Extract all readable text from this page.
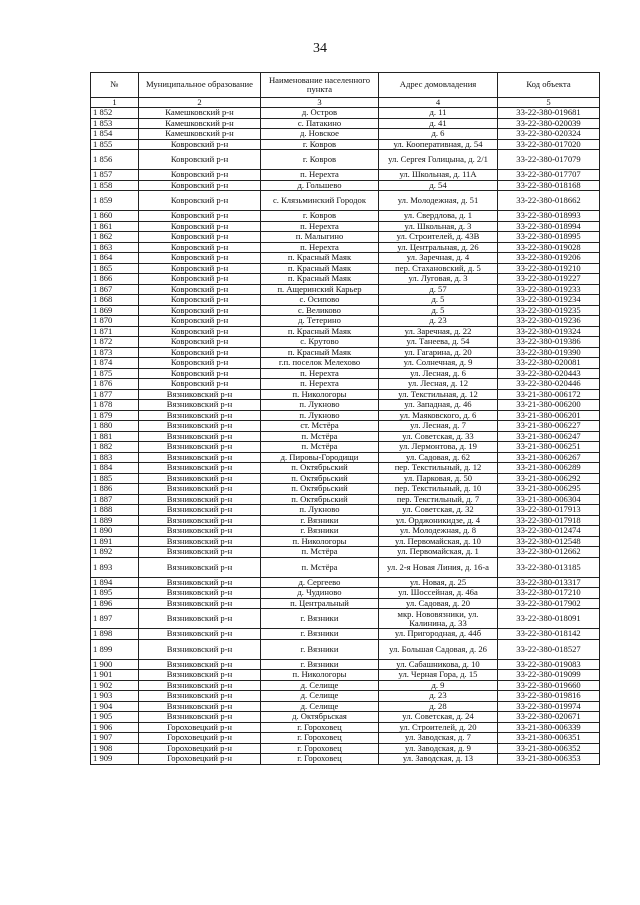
34
№	Муниципальное образование	Наименование населенного пункта	Адрес домовладения	Код объекта
1	2	3	4	5
1 852	Камешковский р-н	д. Остров	д. 11	33-22-380-019681
1 853	Камешковский р-н	с. Патакино	д. 41	33-22-380-020039
1 854	Камешковский р-н	д. Новское	д. 6	33-22-380-020324
1 855	Ковровский р-н	г. Ковров	ул. Кооперативная, д. 54	33-22-380-017020
1 856	Ковровский р-н	г. Ковров	ул. Сергея Голицына, д. 2/1	33-22-380-017079
1 857	Ковровский р-н	п. Нерехта	ул. Школьная, д. 11А	33-22-380-017707
1 858	Ковровский р-н	д. Гольшево	д. 54	33-22-380-018168
1 859	Ковровский р-н	с. Клязьминский Городок	ул. Молодежная, д. 51	33-22-380-018662
1 860	Ковровский р-н	г. Ковров	ул. Свердлова, д. 1	33-22-380-018993
1 861	Ковровский р-н	п. Нерехта	ул. Школьная, д. 3	33-22-380-018994
1 862	Ковровский р-н	п. Малыгино	ул. Строителей, д. 43В	33-22-380-018995
1 863	Ковровский р-н	п. Нерехта	ул. Центральная, д. 26	33-22-380-019028
1 864	Ковровский р-н	п. Красный Маяк	ул. Заречная, д. 4	33-22-380-019206
1 865	Ковровский р-н	п. Красный Маяк	пер. Стахановский, д. 5	33-22-380-019210
1 866	Ковровский р-н	п. Красный Маяк	ул. Луговая, д. 3	33-22-380-019227
1 867	Ковровский р-н	п. Ащеринский Карьер	д. 57	33-22-380-019233
1 868	Ковровский р-н	с. Осипово	д. 5	33-22-380-019234
1 869	Ковровский р-н	с. Великово	д. 5	33-22-380-019235
1 870	Ковровский р-н	д. Тетерино	д. 23	33-22-380-019236
1 871	Ковровский р-н	п. Красный Маяк	ул. Заречная, д. 22	33-22-380-019324
1 872	Ковровский р-н	с. Крутово	ул. Танеева, д. 54	33-22-380-019386
1 873	Ковровский р-н	п. Красный Маяк	ул. Гагарина, д. 20	33-22-380-019390
1 874	Ковровский р-н	г.п. поселок Мелехово	ул. Солнечная, д. 9	33-22-380-020081
1 875	Ковровский р-н	п. Нерехта	ул. Лесная, д. 6	33-22-380-020443
1 876	Ковровский р-н	п. Нерехта	ул. Лесная, д. 12	33-22-380-020446
1 877	Вязниковский р-н	п. Никологоры	ул. Текстильная, д. 12	33-21-380-006172
1 878	Вязниковский р-н	п. Лукново	ул. Западная, д. 46	33-21-380-006200
1 879	Вязниковский р-н	п. Лукново	ул. Маяковского, д. 6	33-21-380-006201
1 880	Вязниковский р-н	ст. Мстёра	ул. Лесная, д. 7	33-21-380-006227
1 881	Вязниковский р-н	п. Мстёра	ул. Советская, д. 33	33-21-380-006247
1 882	Вязниковский р-н	п. Мстёра	ул. Лермонтова, д. 19	33-21-380-006251
1 883	Вязниковский р-н	д. Пировы-Городищи	ул. Садовая, д. 62	33-21-380-006267
1 884	Вязниковский р-н	п. Октябрьский	пер. Текстильный, д. 12	33-21-380-006289
1 885	Вязниковский р-н	п. Октябрьский	ул. Парковая, д. 50	33-21-380-006292
1 886	Вязниковский р-н	п. Октябрьский	пер. Текстильный, д. 10	33-21-380-006295
1 887	Вязниковский р-н	п. Октябрьский	пер. Текстильный, д. 7	33-21-380-006304
1 888	Вязниковский р-н	п. Лукново	ул. Советская, д. 32	33-22-380-017913
1 889	Вязниковский р-н	г. Вязники	ул. Орджоникидзе, д. 4	33-22-380-017918
1 890	Вязниковский р-н	г. Вязники	ул. Молодежная, д. 8	33-22-380-012474
1 891	Вязниковский р-н	п. Никологоры	ул. Первомайская, д. 10	33-22-380-012548
1 892	Вязниковский р-н	п. Мстёра	ул. Первомайская, д. 1	33-22-380-012662
1 893	Вязниковский р-н	п. Мстёра	ул. 2-я Новая Линия, д. 16-а	33-22-380-013185
1 894	Вязниковский р-н	д. Сергеево	ул. Новая, д. 25	33-22-380-013317
1 895	Вязниковский р-н	д. Чудиново	ул. Шоссейная, д. 46а	33-22-380-017210
1 896	Вязниковский р-н	п. Центральный	ул. Садовая, д. 20	33-22-380-017902
1 897	Вязниковский р-н	г. Вязники	мкр. Нововязники, ул. Калинина, д. 33	33-22-380-018091
1 898	Вязниковский р-н	г. Вязники	ул. Пригородная, д. 44б	33-22-380-018142
1 899	Вязниковский р-н	г. Вязники	ул. Большая Садовая, д. 26	33-22-380-018527
1 900	Вязниковский р-н	г. Вязники	ул. Сабашникова, д. 10	33-22-380-019083
1 901	Вязниковский р-н	п. Никологоры	ул. Черная Гора, д. 15	33-22-380-019099
1 902	Вязниковский р-н	д. Селище	д. 9	33-22-380-019660
1 903	Вязниковский р-н	д. Селище	д. 23	33-22-380-019816
1 904	Вязниковский р-н	д. Селище	д. 28	33-22-380-019974
1 905	Вязниковский р-н	д. Октябрьская	ул. Советская, д. 24	33-22-380-020671
1 906	Гороховецкий р-н	г. Гороховец	ул. Строителей, д. 20	33-21-380-006339
1 907	Гороховецкий р-н	г. Гороховец	ул. Заводская, д. 7	33-21-380-006351
1 908	Гороховецкий р-н	г. Гороховец	ул. Заводская, д. 9	33-21-380-006352
1 909	Гороховецкий р-н	г. Гороховец	ул. Заводская, д. 13	33-21-380-006353
